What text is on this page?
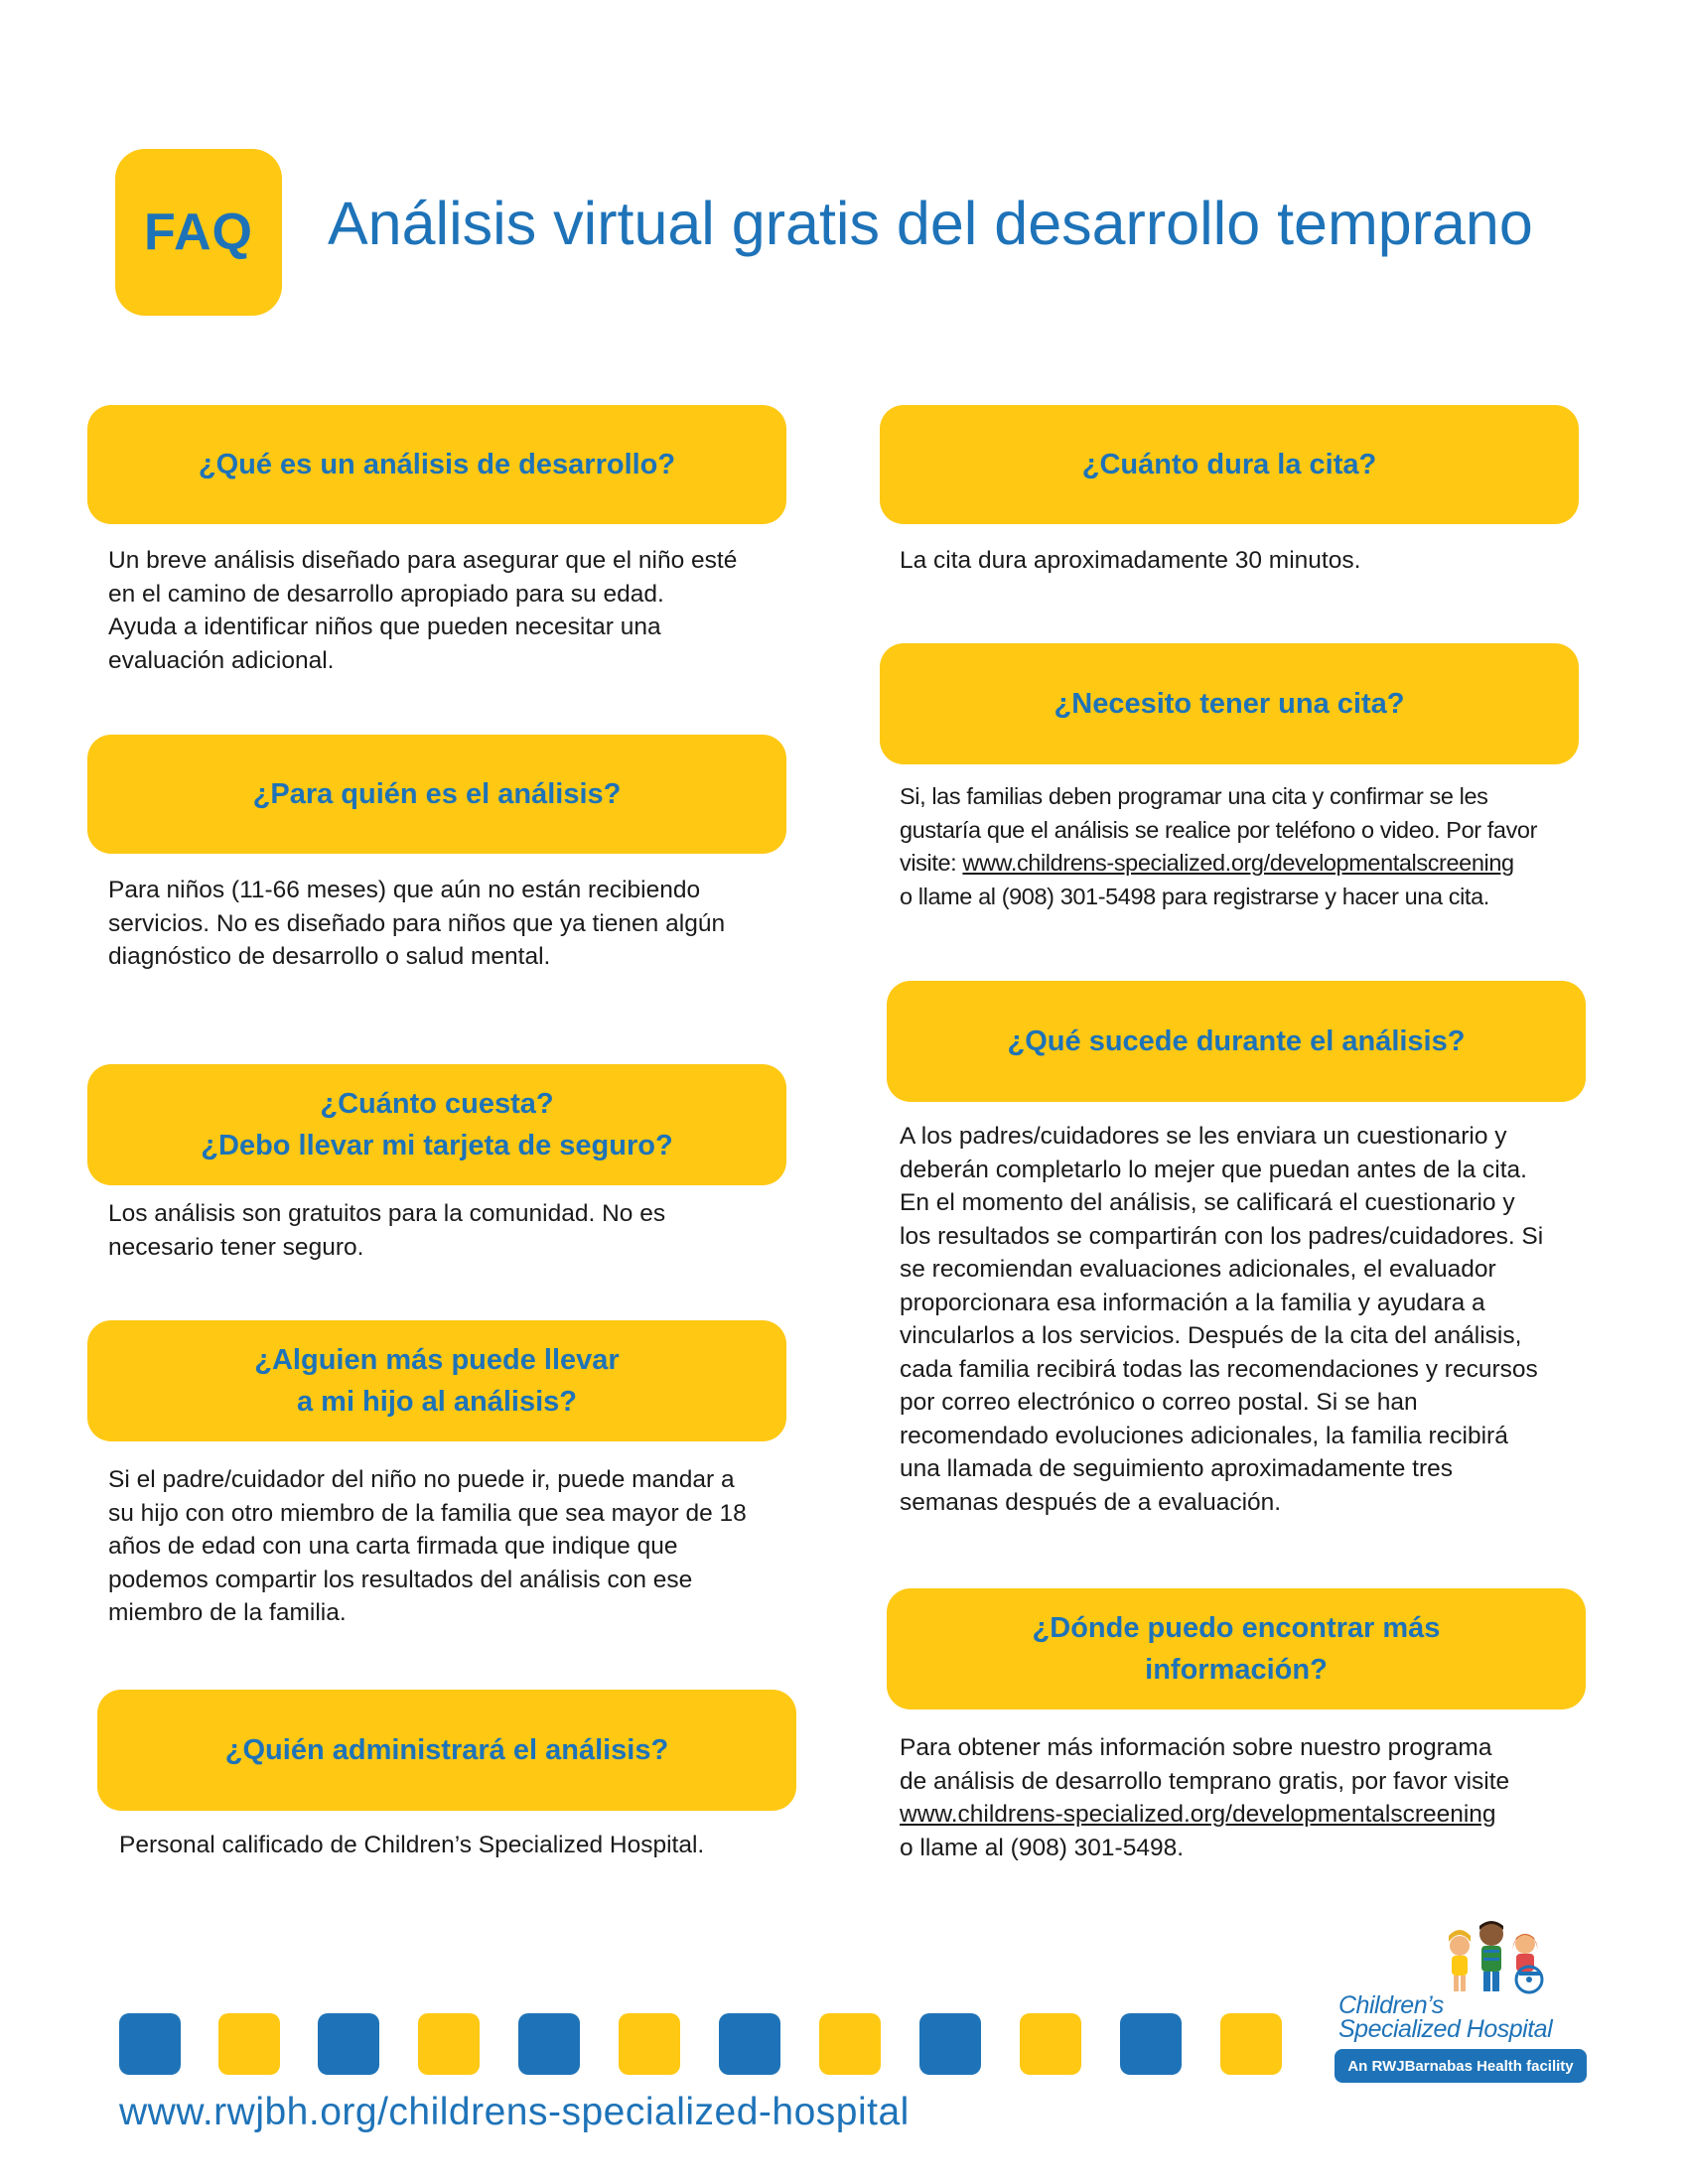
FAQ	Análisis virtual gratis del desarrollo temprano
¿Qué es un análisis de desarrollo?
Un breve análisis diseñado para asegurar que el niño esté
en el camino de desarrollo apropiado para su edad.
Ayuda a identificar niños que pueden necesitar una
evaluación adicional.
¿Para quién es el análisis?
Para niños (11-66 meses) que aún no están recibiendo
servicios. No es diseñado para niños que ya tienen algún
diagnóstico de desarrollo o salud mental.
¿Cuánto cuesta?
¿Debo llevar mi tarjeta de seguro?
Los análisis son gratuitos para la comunidad. No es
necesario tener seguro.
¿Alguien más puede llevar
a mi hijo al análisis?
Si el padre/cuidador del niño no puede ir, puede mandar a
su hijo con otro miembro de la familia que sea mayor de 18
años de edad con una carta firmada que indique que
podemos compartir los resultados del análisis con ese
miembro de la familia.
¿Quién administrará el análisis?
Personal calificado de Children’s Specialized Hospital.
¿Cuánto dura la cita?
La cita dura aproximadamente 30 minutos.
¿Necesito tener una cita?
Si, las familias deben programar una cita y confirmar se les
gustaría que el análisis se realice por teléfono o video. Por favor
visite: www.childrens-specialized.org/developmentalscreening
o llame al (908) 301-5498 para registrarse y hacer una cita.
¿Qué sucede durante el análisis?
A los padres/cuidadores se les enviara un cuestionario y
deberán completarlo lo mejer que puedan antes de la cita.
En el momento del análisis, se calificará el cuestionario y
los resultados se compartirán con los padres/cuidadores. Si
se recomiendan evaluaciones adicionales, el evaluador
proporcionara esa información a la familia y ayudara a
vincularlos a los servicios. Después de la cita del análisis,
cada familia recibirá todas las recomendaciones y recursos
por correo electrónico o correo postal. Si se han
recomendado evoluciones adicionales, la familia recibirá
una llamada de seguimiento aproximadamente tres
semanas después de a evaluación.
¿Dónde puedo encontrar más
información?
Para obtener más información sobre nuestro programa
de análisis de desarrollo temprano gratis, por favor visite
www.childrens-specialized.org/developmentalscreening
o llame al (908) 301-5498.
www.rwjbh.org/childrens-specialized-hospital
Children’s
Specialized Hospital
An RWJBarnabas Health facility
